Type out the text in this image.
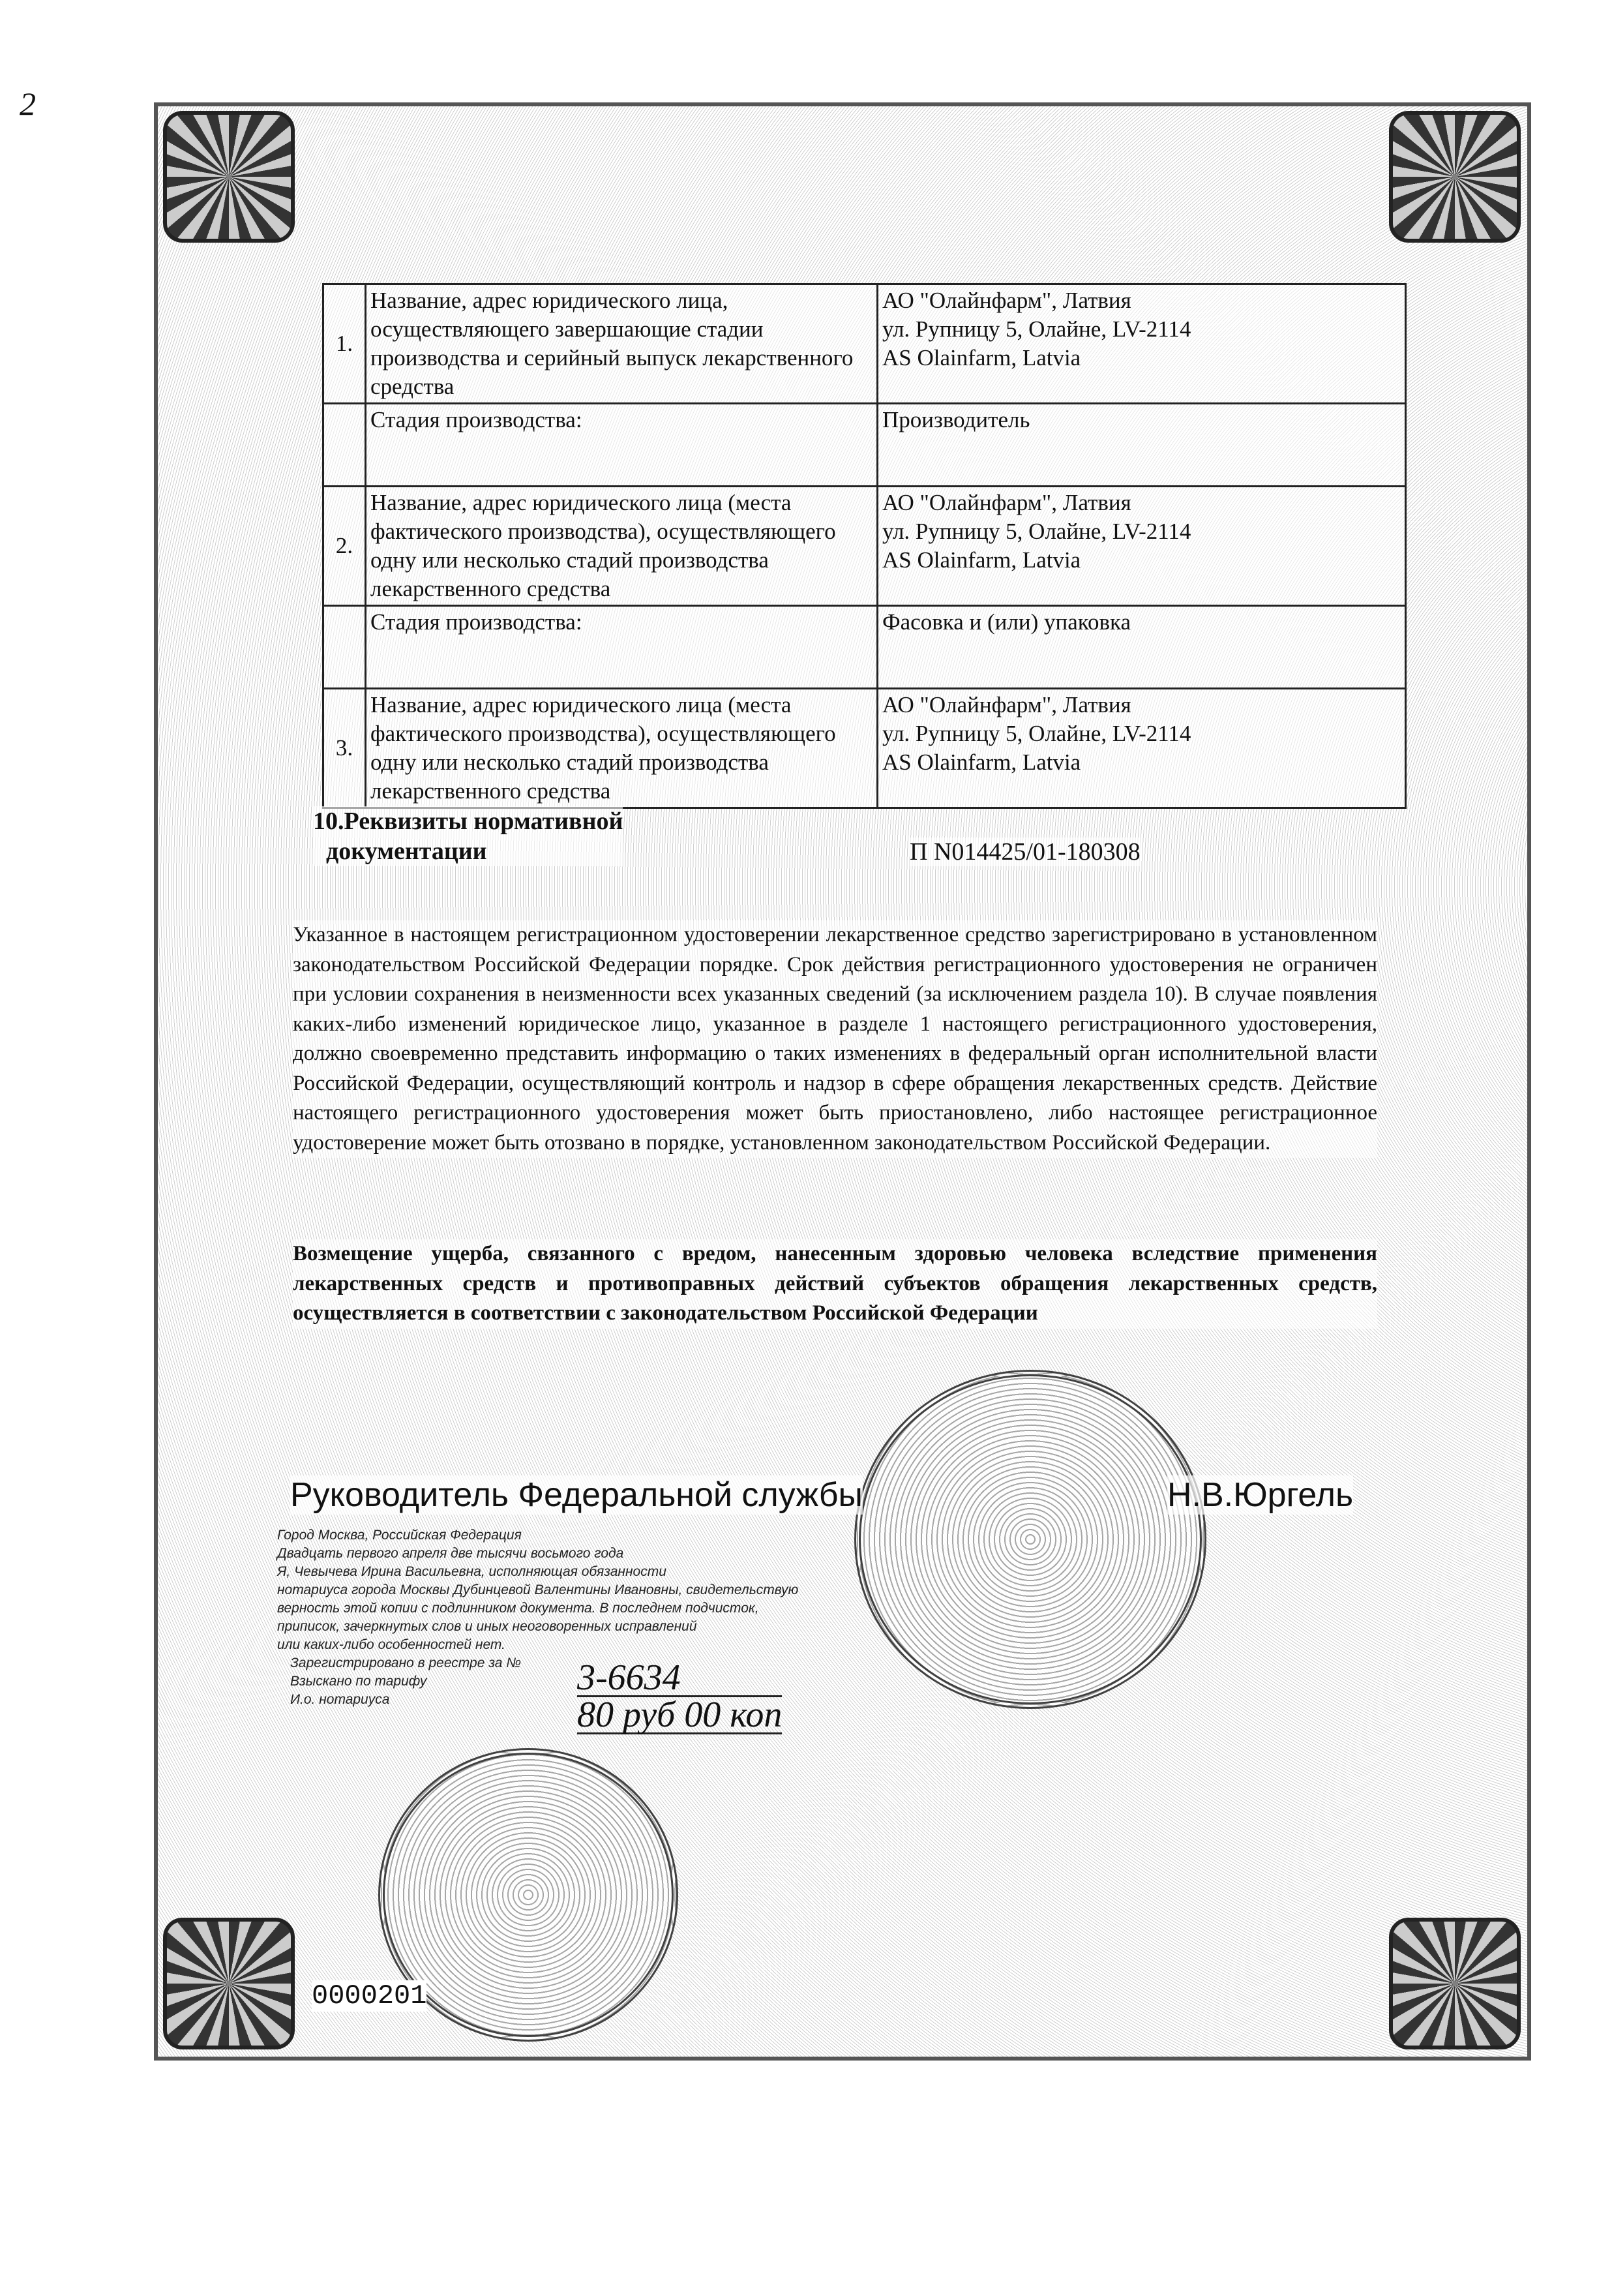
2
1.	Название, адрес юридического лица, осуществляющего завершающие стадии производства и серийный выпуск лекарственного средства	АО "Олайнфарм", Латвия
ул. Рупницу 5, Олайне, LV-2114
AS Olainfarm, Latvia

	Стадия производства:	Производитель

2.	Название, адрес юридического лица (места фактического производства), осуществляющего одну или несколько стадий производства лекарственного средства	АО "Олайнфарм", Латвия
ул. Рупницу 5, Олайне, LV-2114
AS Olainfarm, Latvia

	Стадия производства:	Фасовка и (или) упаковка

3.	Название, адрес юридического лица (места фактического производства), осуществляющего одну или несколько стадий производства лекарственного средства	АО "Олайнфарм", Латвия
ул. Рупницу 5, Олайне, LV-2114
AS Olainfarm, Latvia
10.Реквизиты нормативной
документации	П N014425/01-180308
Указанное в настоящем регистрационном удостоверении лекарственное средство зарегистрировано в установленном законодательством Российской Федерации порядке. Срок действия регистрационного удостоверения не ограничен при условии сохранения в неизменности всех указанных сведений (за исключением раздела 10). В случае появления каких-либо изменений юридическое лицо, указанное в разделе 1 настоящего регистрационного удостоверения, должно своевременно представить информацию о таких изменениях в федеральный орган исполнительной власти Российской Федерации, осуществляющий контроль и надзор в сфере обращения лекарственных средств. Действие настоящего регистрационного удостоверения может быть приостановлено, либо настоящее регистрационное удостоверение может быть отозвано в порядке, установленном законодательством Российской Федерации.
Возмещение ущерба, связанного с вредом, нанесенным здоровью человека вследствие применения лекарственных средств и противоправных действий субъектов обращения лекарственных средств, осуществляется в соответствии с законодательством Российской Федерации
Руководитель Федеральной службы	Н.В.Юргель
Город Москва, Российская Федерация
Двадцать первого апреля две тысячи восьмого года
Я, Чевычева Ирина Васильевна, исполняющая обязанности
нотариуса города Москвы Дубинцевой Валентины Ивановны, свидетельствую
верность этой копии с подлинником документа. В последнем подчисток,
приписок, зачеркнутых слов и иных неоговоренных исправлений
или каких-либо особенностей нет.
Зарегистрировано в реестре за №
Взыскано по тарифу
И.о. нотариуса
3-6634
80 руб 00 коп
0000201
